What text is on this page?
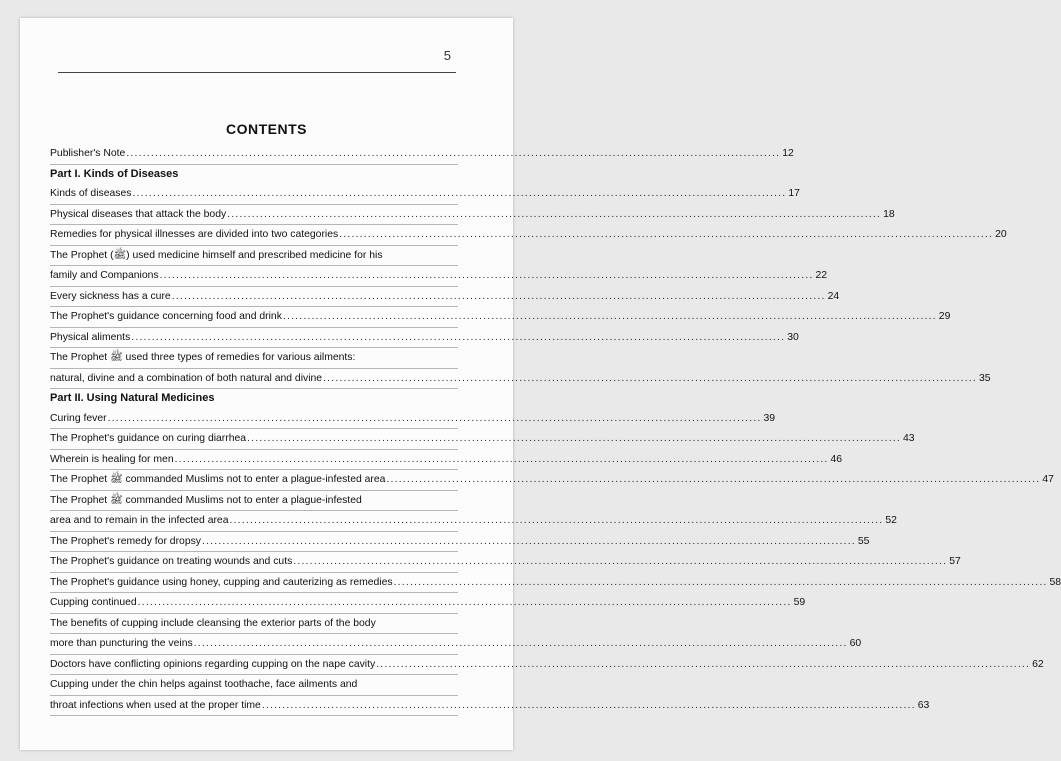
5
CONTENTS
Publisher's Note .....	12
Part I. Kinds of Diseases
Kinds of diseases .....	17
Physical diseases that attack the body .....	18
Remedies for physical illnesses are divided into two categories .....	20
The Prophet (ﷺ) used medicine himself and prescribed medicine for his
family and Companions .....	22
Every sickness has a cure .....	24
The Prophet's guidance concerning food and drink .....	29
Physical aliments .....	30
The Prophet ﷺ used three types of remedies for various ailments:
natural, divine and a combination of both natural and divine .....	35
Part II. Using Natural Medicines
Curing fever .....	39
The Prophet's guidance on curing diarrhea .....	43
Wherein is healing for men .....	46
The Prophet ﷺ commanded Muslims not to enter a plague-infested area .....	47
The Prophet ﷺ commanded Muslims not to enter a plague-infested
area and to remain in the infected area .....	52
The Prophet's remedy for dropsy .....	55
The Prophet's guidance on treating wounds and cuts .....	57
The Prophet's guidance using honey, cupping and cauterizing as remedies .....	58
Cupping continued .....	59
The benefits of cupping include cleansing the exterior parts of the body
more than puncturing the veins .....	60
Doctors have conflicting opinions regarding cupping on the nape cavity .....	62
Cupping under the chin helps against toothache, face ailments and
throat infections when used at the proper time .....	63
